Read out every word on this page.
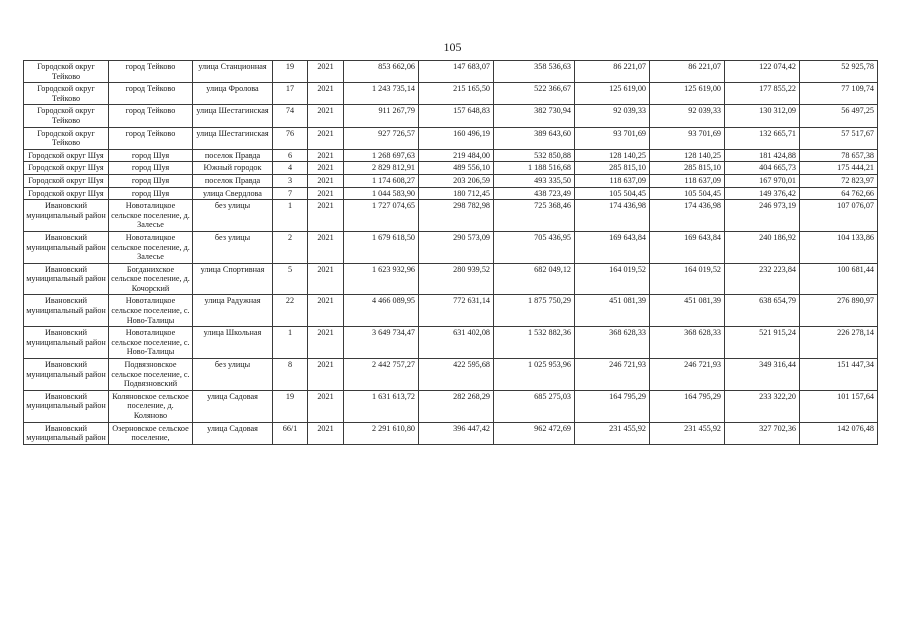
105
Городской округ Тейково	город Тейково	улица Станционная	19	2021	853 662,06	147 683,07	358 536,63	86 221,07	86 221,07	122 074,42	52 925,78
Городской округ Тейково	город Тейково	улица Фролова	17	2021	1 243 735,14	215 165,50	522 366,67	125 619,00	125 619,00	177 855,22	77 109,74
Городской округ Тейково	город Тейково	улица Шестагинская	74	2021	911 267,79	157 648,83	382 730,94	92 039,33	92 039,33	130 312,09	56 497,25
Городской округ Тейково	город Тейково	улица Шестагинская	76	2021	927 726,57	160 496,19	389 643,60	93 701,69	93 701,69	132 665,71	57 517,67
Городской округ Шуя	город Шуя	поселок Правда	6	2021	1 268 697,63	219 484,00	532 850,88	128 140,25	128 140,25	181 424,88	78 657,38
Городской округ Шуя	город Шуя	Южный городок	4	2021	2 829 812,91	489 556,10	1 188 516,68	285 815,10	285 815,10	404 665,73	175 444,21
Городской округ Шуя	город Шуя	поселок Правда	3	2021	1 174 608,27	203 206,59	493 335,50	118 637,09	118 637,09	167 970,01	72 823,97
Городской округ Шуя	город Шуя	улица Свердлова	7	2021	1 044 583,90	180 712,45	438 723,49	105 504,45	105 504,45	149 376,42	64 762,66
Ивановский муниципальный район	Новоталицкое сельское поселение, д. Залесье	без улицы	1	2021	1 727 074,65	298 782,98	725 368,46	174 436,98	174 436,98	246 973,19	107 076,07
Ивановский муниципальный район	Новоталицкое сельское поселение, д. Залесье	без улицы	2	2021	1 679 618,50	290 573,09	705 436,95	169 643,84	169 643,84	240 186,92	104 133,86
Ивановский муниципальный район	Богданихское сельское поселение, д. Кочорский	улица Спортивная	5	2021	1 623 932,96	280 939,52	682 049,12	164 019,52	164 019,52	232 223,84	100 681,44
Ивановский муниципальный район	Новоталицкое сельское поселение, с. Ново-Талицы	улица Радужная	22	2021	4 466 089,95	772 631,14	1 875 750,29	451 081,39	451 081,39	638 654,79	276 890,97
Ивановский муниципальный район	Новоталицкое сельское поселение, с. Ново-Талицы	улица Школьная	1	2021	3 649 734,47	631 402,08	1 532 882,36	368 628,33	368 628,33	521 915,24	226 278,14
Ивановский муниципальный район	Подвязновское сельское поселение, с. Подвязновский	без улицы	8	2021	2 442 757,27	422 595,68	1 025 953,96	246 721,93	246 721,93	349 316,44	151 447,34
Ивановский муниципальный район	Коляновское сельское поселение, д. Коляново	улица Садовая	19	2021	1 631 613,72	282 268,29	685 275,03	164 795,29	164 795,29	233 322,20	101 157,64
Ивановский муниципальный район	Озерновское сельское поселение,	улица Садовая	66/1	2021	2 291 610,80	396 447,42	962 472,69	231 455,92	231 455,92	327 702,36	142 076,48
